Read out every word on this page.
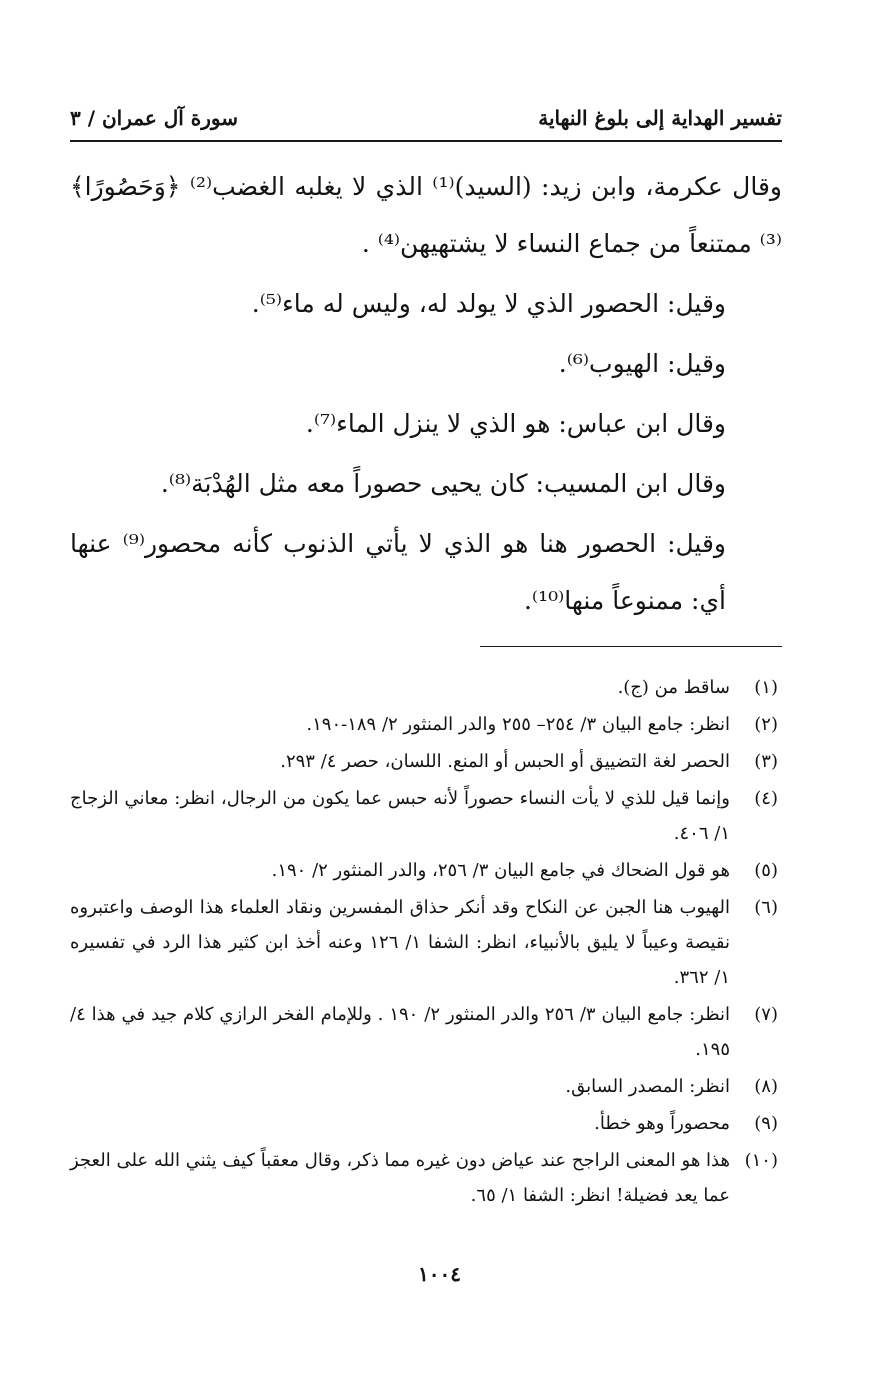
تفسير الهداية إلى بلوغ النهاية
سورة آل عمران / ٣

وقال عكرمة، وابن زيد: (السيد)⁽¹⁾ الذي لا يغلبه الغضب⁽²⁾ ﴿وَحَصُورًا﴾⁽³⁾ ممتنعاً من جماع النساء لا يشتهيهن⁽⁴⁾ .

وقيل: الحصور الذي لا يولد له، وليس له ماء⁽⁵⁾.

وقيل: الهيوب⁽⁶⁾.

وقال ابن عباس: هو الذي لا ينزل الماء⁽⁷⁾.

وقال ابن المسيب: كان يحيى حصوراً معه مثل الهُدْبَة⁽⁸⁾.

وقيل: الحصور هنا هو الذي لا يأتي الذنوب كأنه محصور⁽⁹⁾ عنها أي: ممنوعاً منها⁽¹⁰⁾.

(١)
ساقط من (ج).
(٢)
انظر: جامع البيان ٣/ ٢٥٤– ٢٥٥ والدر المنثور ٢/ ١٨٩-١٩٠.
(٣)
الحصر لغة التضييق أو الحبس أو المنع. اللسان، حصر ٤/ ٢٩٣.
(٤)
وإنما قيل للذي لا يأت النساء حصوراً لأنه حبس عما يكون من الرجال، انظر: معاني الزجاج ١/ ٤٠٦.
(٥)
هو قول الضحاك في جامع البيان ٣/ ٢٥٦، والدر المنثور ٢/ ١٩٠.
(٦)
الهيوب هنا الجبن عن النكاح وقد أنكر حذاق المفسرين ونقاد العلماء هذا الوصف واعتبروه نقيصة وعيباً لا يليق بالأنبياء، انظر: الشفا ١/ ١٢٦ وعنه أخذ ابن كثير هذا الرد في تفسيره ١/ ٣٦٢.
(٧)
انظر: جامع البيان ٣/ ٢٥٦ والدر المنثور ٢/ ١٩٠ . وللإمام الفخر الرازي كلام جيد في هذا ٤/ ١٩٥.
(٨)
انظر: المصدر السابق.
(٩)
محصوراً وهو خطأ.
(١٠)
هذا هو المعنى الراجح عند عياض دون غيره مما ذكر، وقال معقباً كيف يثني الله على العجز عما يعد فضيلة! انظر: الشفا ١/ ٦٥.
١٠٠٤
